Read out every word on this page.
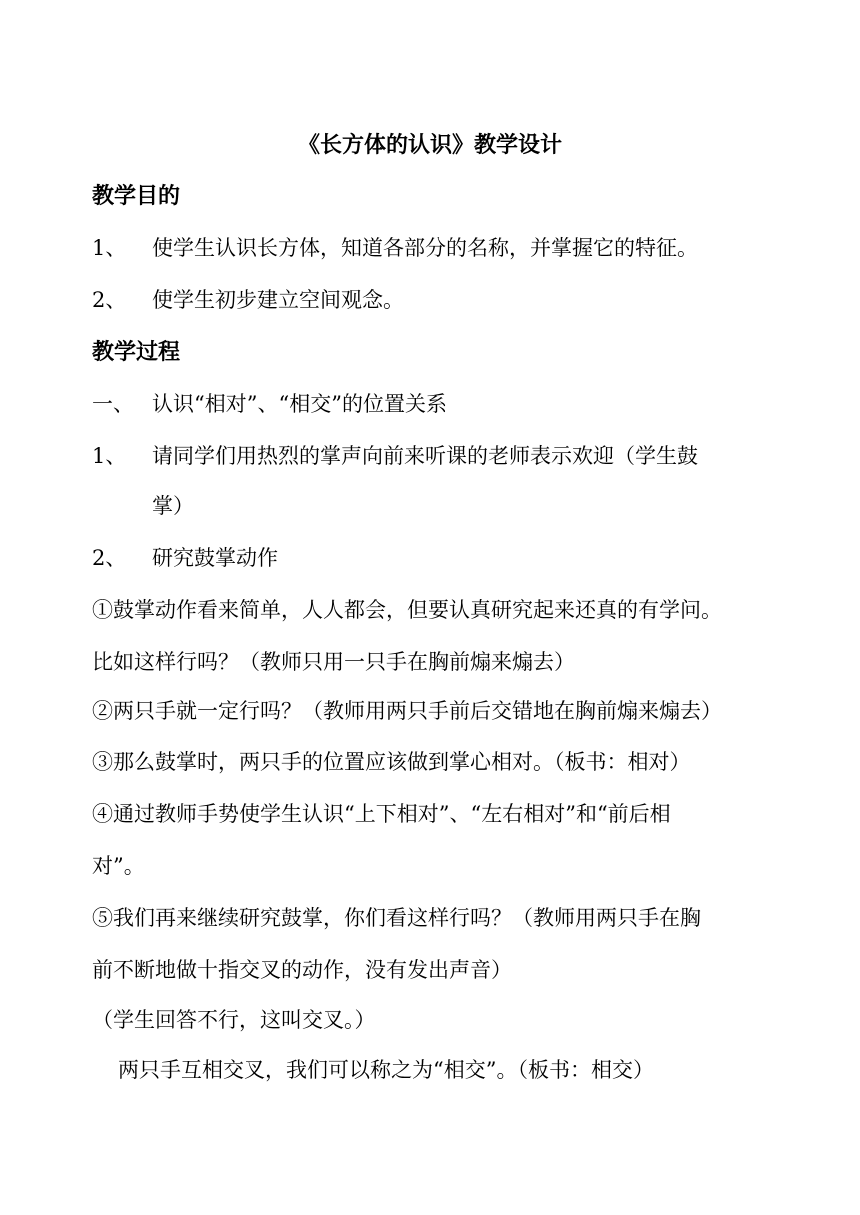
《长方体的认识》教学设计
教学目的
1、 使学生认识长方体，知道各部分的名称，并掌握它的特征。
2、 使学生初步建立空间观念。
教学过程
一、 认识“相对”、“相交”的位置关系
1、 请同学们用热烈的掌声向前来听课的老师表示欢迎（学生鼓
掌）
2、 研究鼓掌动作
①鼓掌动作看来简单，人人都会，但要认真研究起来还真的有学问。
比如这样行吗？（教师只用一只手在胸前煽来煽去）
②两只手就一定行吗？（教师用两只手前后交错地在胸前煽来煽去）
③那么鼓掌时，两只手的位置应该做到掌心相对。（板书：相对）
④通过教师手势使学生认识“上下相对”、“左右相对”和“前后相
对”。
⑤我们再来继续研究鼓掌，你们看这样行吗？（教师用两只手在胸
前不断地做十指交叉的动作，没有发出声音）
（学生回答不行，这叫交叉。）
两只手互相交叉，我们可以称之为“相交”。（板书：相交）
